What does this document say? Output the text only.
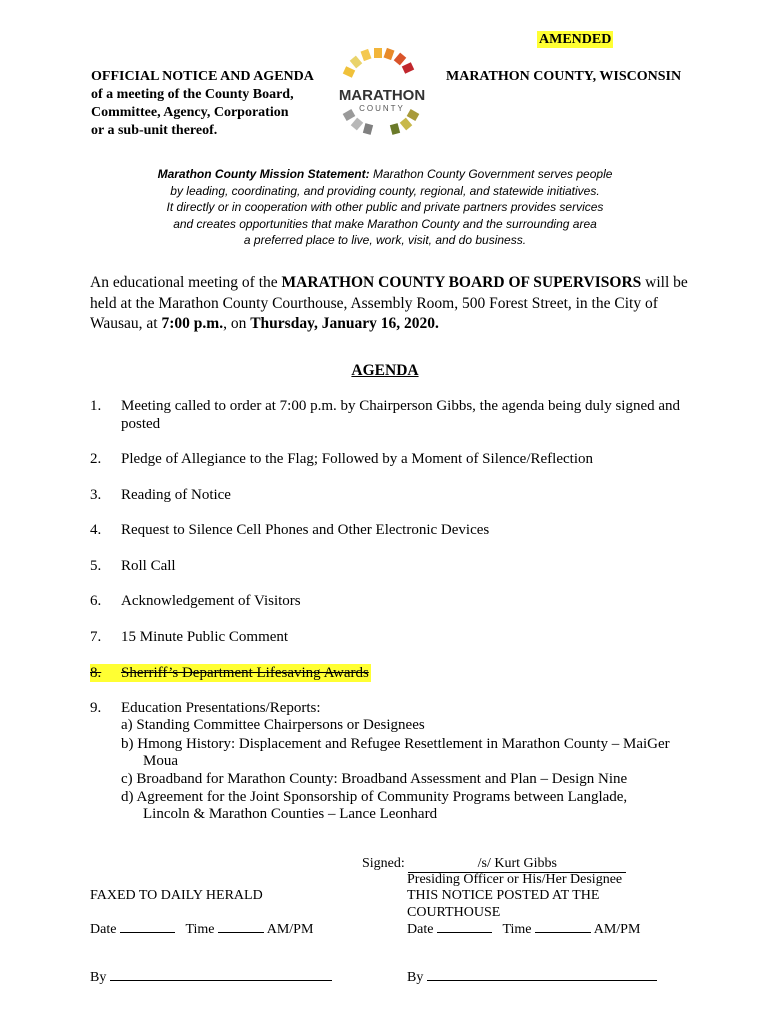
AMENDED
OFFICIAL NOTICE AND AGENDA
of a meeting of the County Board,
Committee, Agency, Corporation
or a sub-unit thereof.
MARATHON COUNTY, WISCONSIN
MARATHON
COUNTY
Marathon County Mission Statement: Marathon County Government serves people
by leading, coordinating, and providing county, regional, and statewide initiatives.
It directly or in cooperation with other public and private partners provides services
and creates opportunities that make Marathon County and the surrounding area
a preferred place to live, work, visit, and do business.
An educational meeting of the MARATHON COUNTY BOARD OF SUPERVISORS will be held at the Marathon County Courthouse, Assembly Room, 500 Forest Street, in the City of Wausau, at 7:00 p.m., on Thursday, January 16, 2020.
AGENDA
1.	Meeting called to order at 7:00 p.m. by Chairperson Gibbs, the agenda being duly signed and posted
2.	Pledge of Allegiance to the Flag; Followed by a Moment of Silence/Reflection
3.	Reading of Notice
4.	Request to Silence Cell Phones and Other Electronic Devices
5.	Roll Call
6.	Acknowledgement of Visitors
7.	15 Minute Public Comment
8. Sherriff’s Department Lifesaving Awards
9.	Education Presentations/Reports:
a) Standing Committee Chairpersons or Designees
b) Hmong History: Displacement and Refugee Resettlement in Marathon County – MaiGer
Moua
c) Broadband for Marathon County: Broadband Assessment and Plan – Design Nine
d) Agreement for the Joint Sponsorship of Community Programs between Langlade,
Lincoln & Marathon Counties – Lance Leonhard
Signed:	/s/ Kurt Gibbs
Presiding Officer or His/Her Designee
THIS NOTICE POSTED AT THE
COURTHOUSE
FAXED TO DAILY HERALD
Date	Time	AM/PM	Date	Time	AM/PM
By	By
